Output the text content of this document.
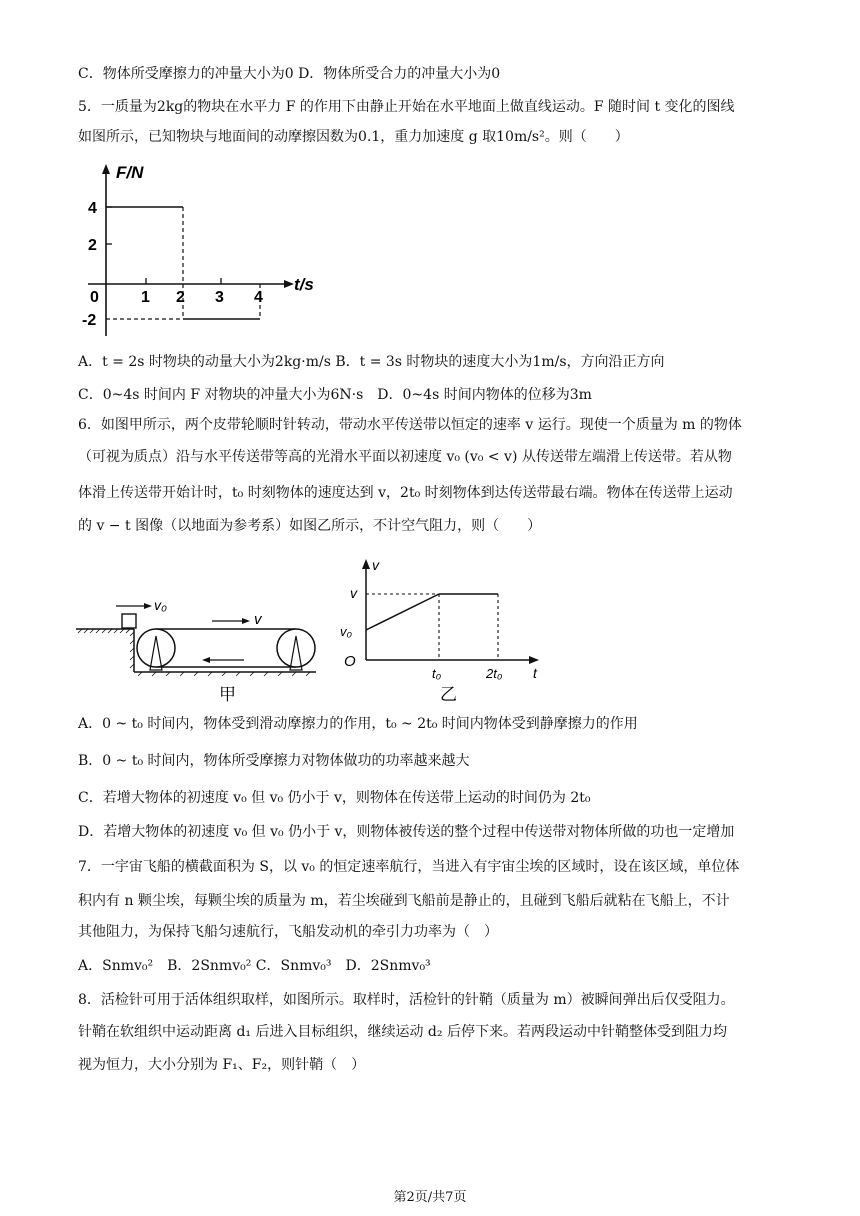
C．物体所受摩擦力的冲量大小为0 D．物体所受合力的冲量大小为0
5．一质量为2kg的物块在水平力 F 的作用下由静止开始在水平地面上做直线运动。F 随时间 t 变化的图线
如图所示，已知物块与地面间的动摩擦因数为0.1，重力加速度 g 取10m/s²。则（　　）
F/N
t/s
0
4
2
-2
1 2 3 4
A．t = 2s 时物块的动量大小为2kg·m/s B．t = 3s 时物块的速度大小为1m/s，方向沿正方向
C．0~4s 时间内 F 对物块的冲量大小为6N·s　D．0~4s 时间内物体的位移为3m
6．如图甲所示，两个皮带轮顺时针转动，带动水平传送带以恒定的速率 v 运行。现使一个质量为 m 的物体
（可视为质点）沿与水平传送带等高的光滑水平面以初速度 v₀ (v₀ < v) 从传送带左端滑上传送带。若从物
体滑上传送带开始计时，t₀ 时刻物体的速度达到 v，2t₀ 时刻物体到达传送带最右端。物体在传送带上运动
的 v − t 图像（以地面为参考系）如图乙所示，不计空气阻力，则（　　）
v₀
v
甲
v
t
O
v
v₀
t₀	2t₀
乙
A．0 ~ t₀ 时间内，物体受到滑动摩擦力的作用，t₀ ~ 2t₀ 时间内物体受到静摩擦力的作用
B．0 ~ t₀ 时间内，物体所受摩擦力对物体做功的功率越来越大
C．若增大物体的初速度 v₀ 但 v₀ 仍小于 v，则物体在传送带上运动的时间仍为 2t₀
D．若增大物体的初速度 v₀ 但 v₀ 仍小于 v，则物体被传送的整个过程中传送带对物体所做的功也一定增加
7．一宇宙飞船的横截面积为 S，以 v₀ 的恒定速率航行，当进入有宇宙尘埃的区域时，设在该区域，单位体
积内有 n 颗尘埃，每颗尘埃的质量为 m，若尘埃碰到飞船前是静止的，且碰到飞船后就粘在飞船上，不计
其他阻力，为保持飞船匀速航行，飞船发动机的牵引力功率为（　）
A．Snmv₀²　B．2Snmv₀² C．Snmv₀³　D．2Snmv₀³
8．活检针可用于活体组织取样，如图所示。取样时，活检针的针鞘（质量为 m）被瞬间弹出后仅受阻力。
针鞘在软组织中运动距离 d₁ 后进入目标组织，继续运动 d₂ 后停下来。若两段运动中针鞘整体受到阻力均
视为恒力，大小分别为 F₁、F₂，则针鞘（　）
第2页/共7页
